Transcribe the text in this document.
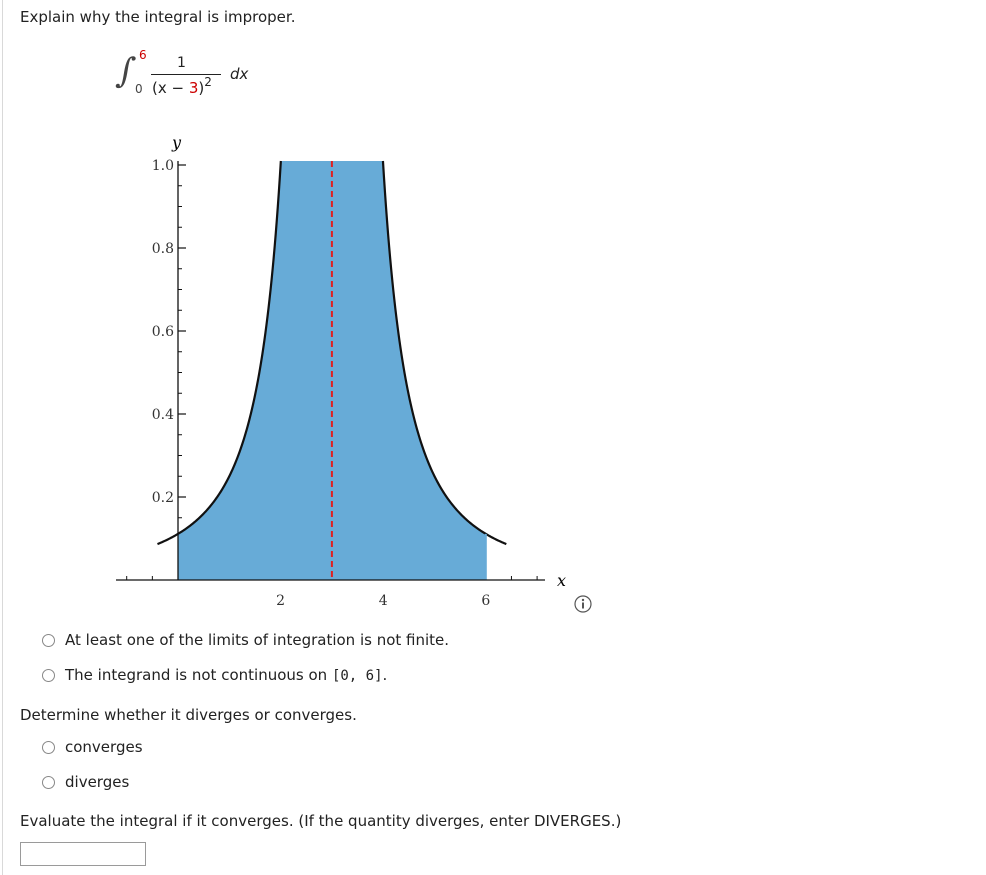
Explain why the integral is improper.
∫ 6
0
1
$(x - 3)^2$ dx
y
x
0.2
0.4
0.6
0.8
1.0
2	4	6
At least one of the limits of integration is not finite.
The integrand is not continuous on [0, 6].
Determine whether it diverges or converges.
converges
diverges
Evaluate the integral if it converges. (If the quantity diverges, enter DIVERGES.)
